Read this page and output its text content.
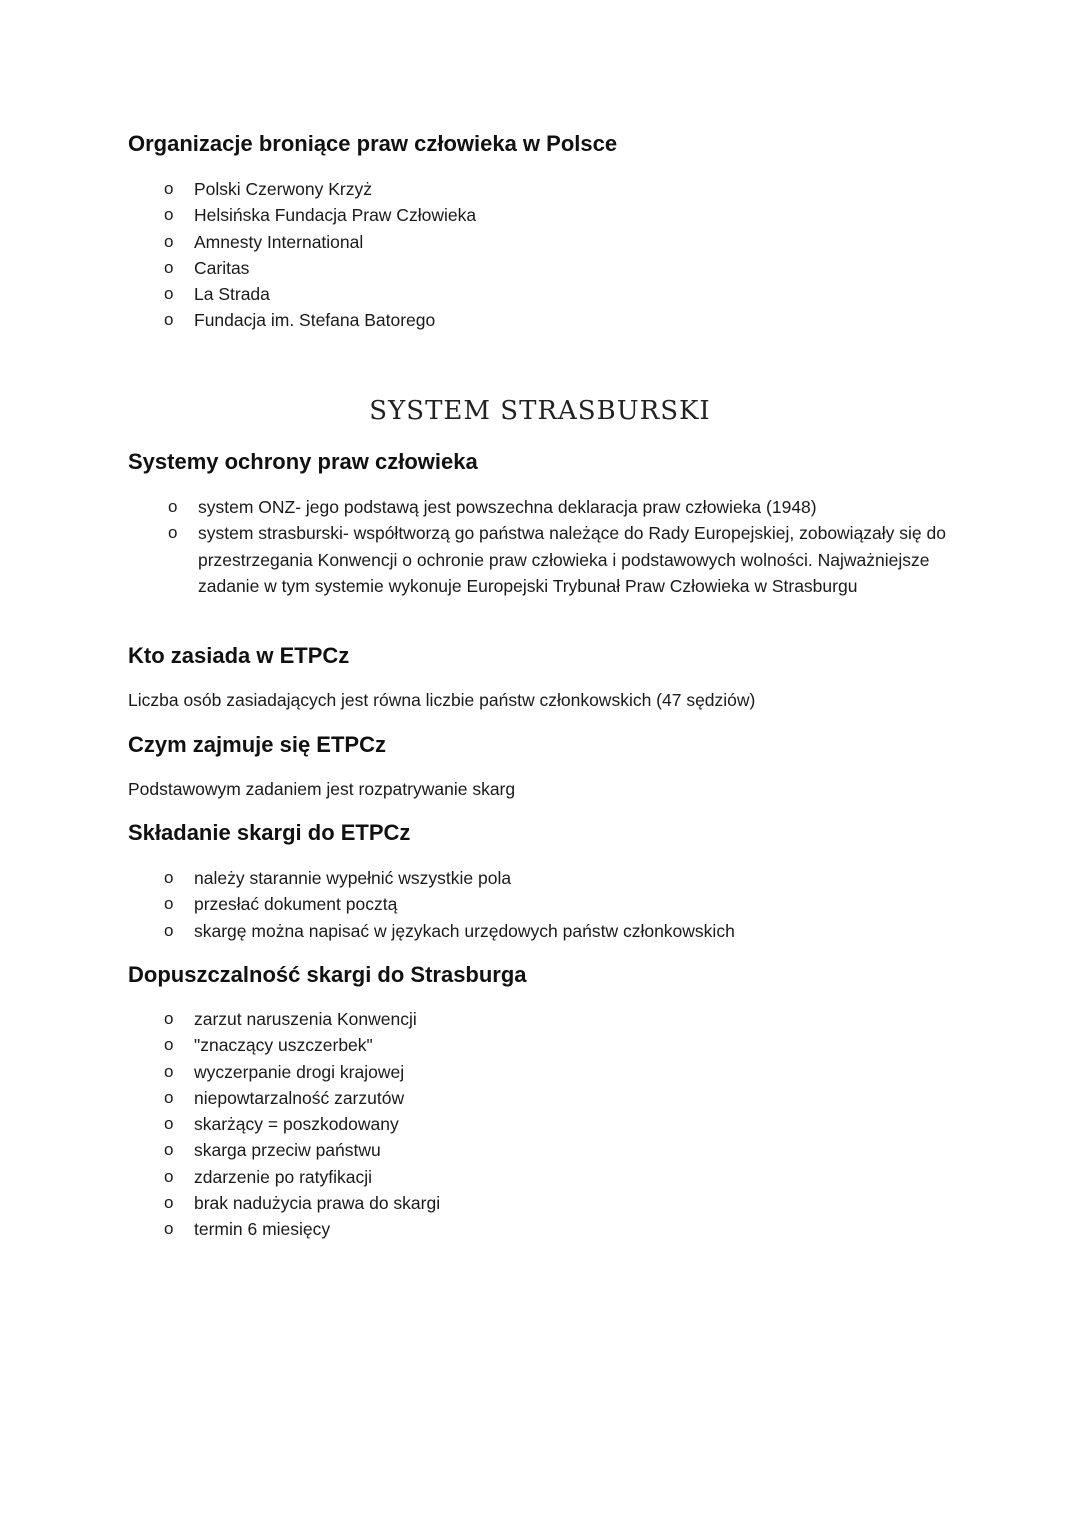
Organizacje broniące praw człowieka w Polsce
o Polski Czerwony Krzyż
o Helsińska Fundacja Praw Człowieka
o Amnesty International
o Caritas
o La Strada
o Fundacja im. Stefana Batorego
SYSTEM STRASBURSKI
Systemy ochrony praw człowieka
o system ONZ- jego podstawą jest powszechna deklaracja praw człowieka (1948)
o system strasburski- współtworzą go państwa należące do Rady Europejskiej, zobowiązały się do przestrzegania Konwencji o ochronie praw człowieka i podstawowych wolności. Najważniejsze zadanie w tym systemie wykonuje Europejski Trybunał Praw Człowieka w Strasburgu
Kto zasiada w ETPCz

Liczba osób zasiadających jest równa liczbie państw członkowskich (47 sędziów)

Czym zajmuje się ETPCz

Podstawowym zadaniem jest rozpatrywanie skarg

Składanie skargi do ETPCz
o należy starannie wypełnić wszystkie pola
o przesłać dokument pocztą
o skargę można napisać w językach urzędowych państw członkowskich
Dopuszczalność skargi do Strasburga
o zarzut naruszenia Konwencji
o "znaczący uszczerbek"
o wyczerpanie drogi krajowej
o niepowtarzalność zarzutów
o skarżący = poszkodowany
o skarga przeciw państwu
o zdarzenie po ratyfikacji
o brak nadużycia prawa do skargi
o termin 6 miesięcy
